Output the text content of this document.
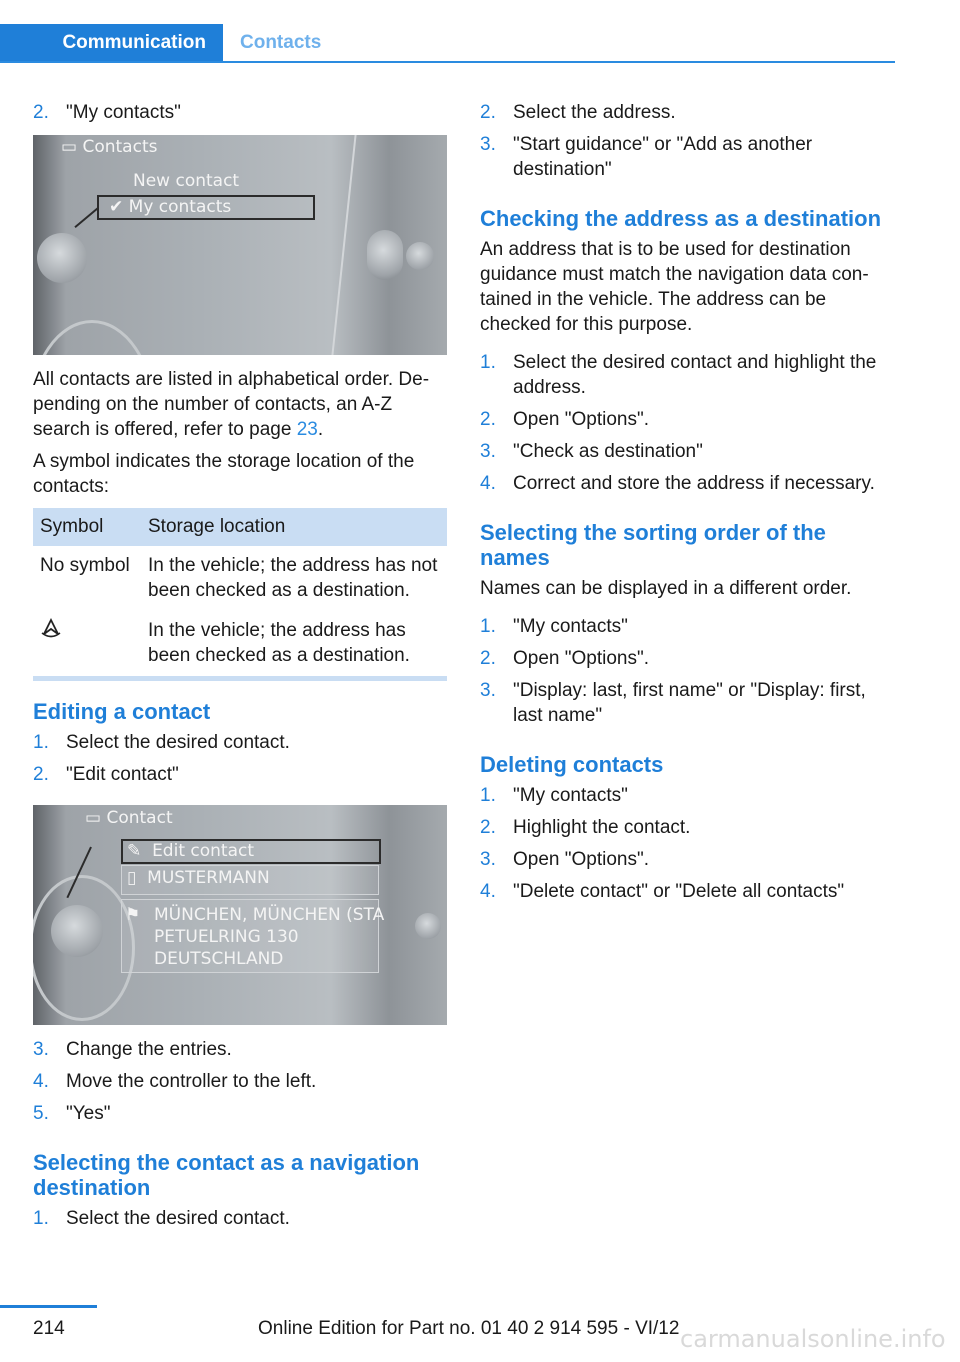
Communication	Contacts
2. "My contacts"
▭ Contacts
New contact
✔ My contacts

All contacts are listed in alphabetical order. Depending on the number of contacts, an A-Z search is offered, refer to page 23.

A symbol indicates the storage location of the contacts:

Symbol	Storage location
No symbol	In the vehicle; the address has not been checked as a destination.
	In the vehicle; the address has been checked as a destination.
Editing a contact
1. Select the desired contact.
2. "Edit contact"
▭ Contact
✎  Edit contact
▯  MUSTERMANN
⚑ MÜNCHEN, MÜNCHEN (STA
PETUELRING 130
DEUTSCHLAND
3. Change the entries.
4. Move the controller to the left.
5. "Yes"
Selecting the contact as a navigation destination
1. Select the desired contact.
2. Select the address.
3. "Start guidance" or "Add as another destination"
Checking the address as a destination

An address that is to be used for destination guidance must match the navigation data contained in the vehicle. The address can be checked for this purpose.

1. Select the desired contact and highlight the address.
2. Open "Options".
3. "Check as destination"
4. Correct and store the address if necessary.
Selecting the sorting order of the names

Names can be displayed in a different order.

1. "My contacts"
2. Open "Options".
3. "Display: last, first name" or "Display: first, last name"
Deleting contacts
1. "My contacts"
2. Highlight the contact.
3. Open "Options".
4. "Delete contact" or "Delete all contacts"
214	Online Edition for Part no. 01 40 2 914 595 - VI/12 carmanualsonline.info
